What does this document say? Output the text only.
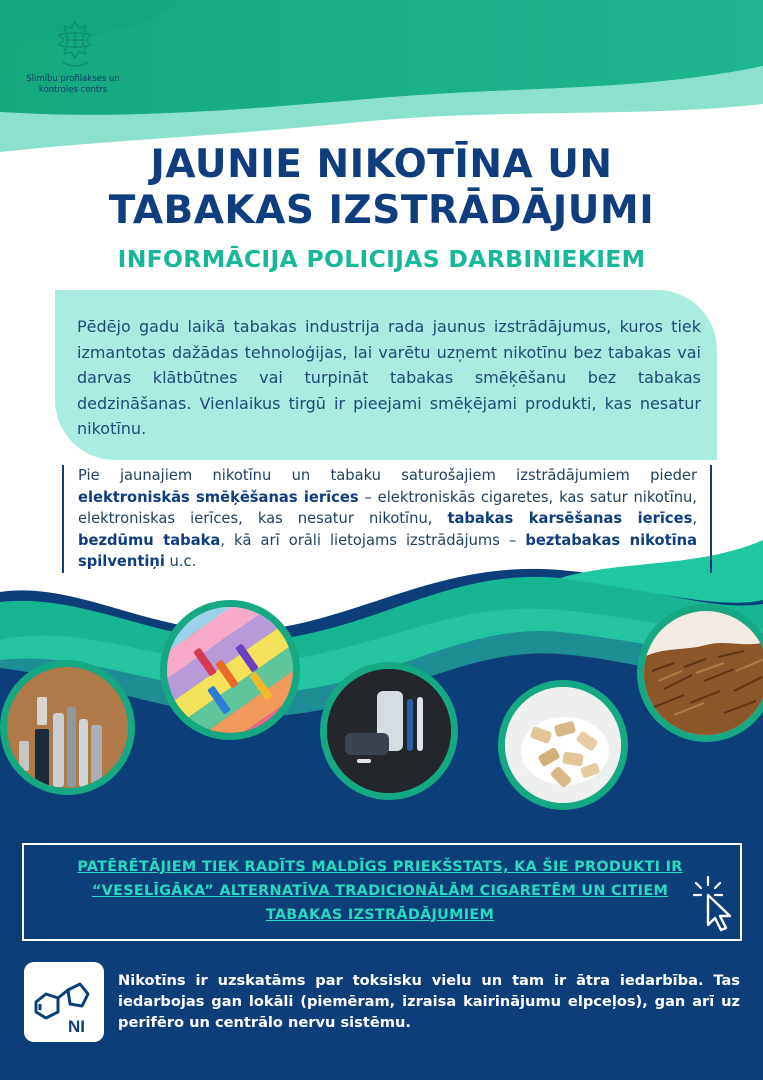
Slimību profilakses un kontroles centrs
JAUNIE NIKOTĪNA UN
TABAKAS IZSTRĀDĀJUMI
INFORMĀCIJA POLICIJAS DARBINIEKIEM

Pēdējo gadu laikā tabakas industrija rada jaunus izstrādājumus, kuros tiek izmantotas dažādas tehnoloģijas, lai varētu uzņemt nikotīnu bez tabakas vai darvas klātbūtnes vai turpināt tabakas smēķēšanu bez tabakas dedzināšanas. Vienlaikus tirgū ir pieejami smēķējami produkti, kas nesatur nikotīnu.

Pie jaunajiem nikotīnu un tabaku saturošajiem izstrādājumiem pieder elektroniskās smēķēšanas ierīces – elektroniskās cigaretes, kas satur nikotīnu, elektroniskas ierīces, kas nesatur nikotīnu, tabakas karsēšanas ierīces, bezdūmu tabaka, kā arī orāli lietojams izstrādājums – beztabakas nikotīna spilventiņi u.c.

PATĒRĒTĀJIEM TIEK RADĪTS MALDĪGS PRIEKŠSTATS, KA ŠIE PRODUKTI IR
“VESELĪGĀKA” ALTERNATĪVA TRADICIONĀLĀM CIGARETĒM UN CITIEM
TABAKAS IZSTRĀDĀJUMIEM
NI
Nikotīns ir uzskatāms par toksisku vielu un tam ir ātra iedarbība. Tas iedarbojas gan lokāli (piemēram, izraisa kairinājumu elpceļos), gan arī uz perifēro un centrālo nervu sistēmu.
